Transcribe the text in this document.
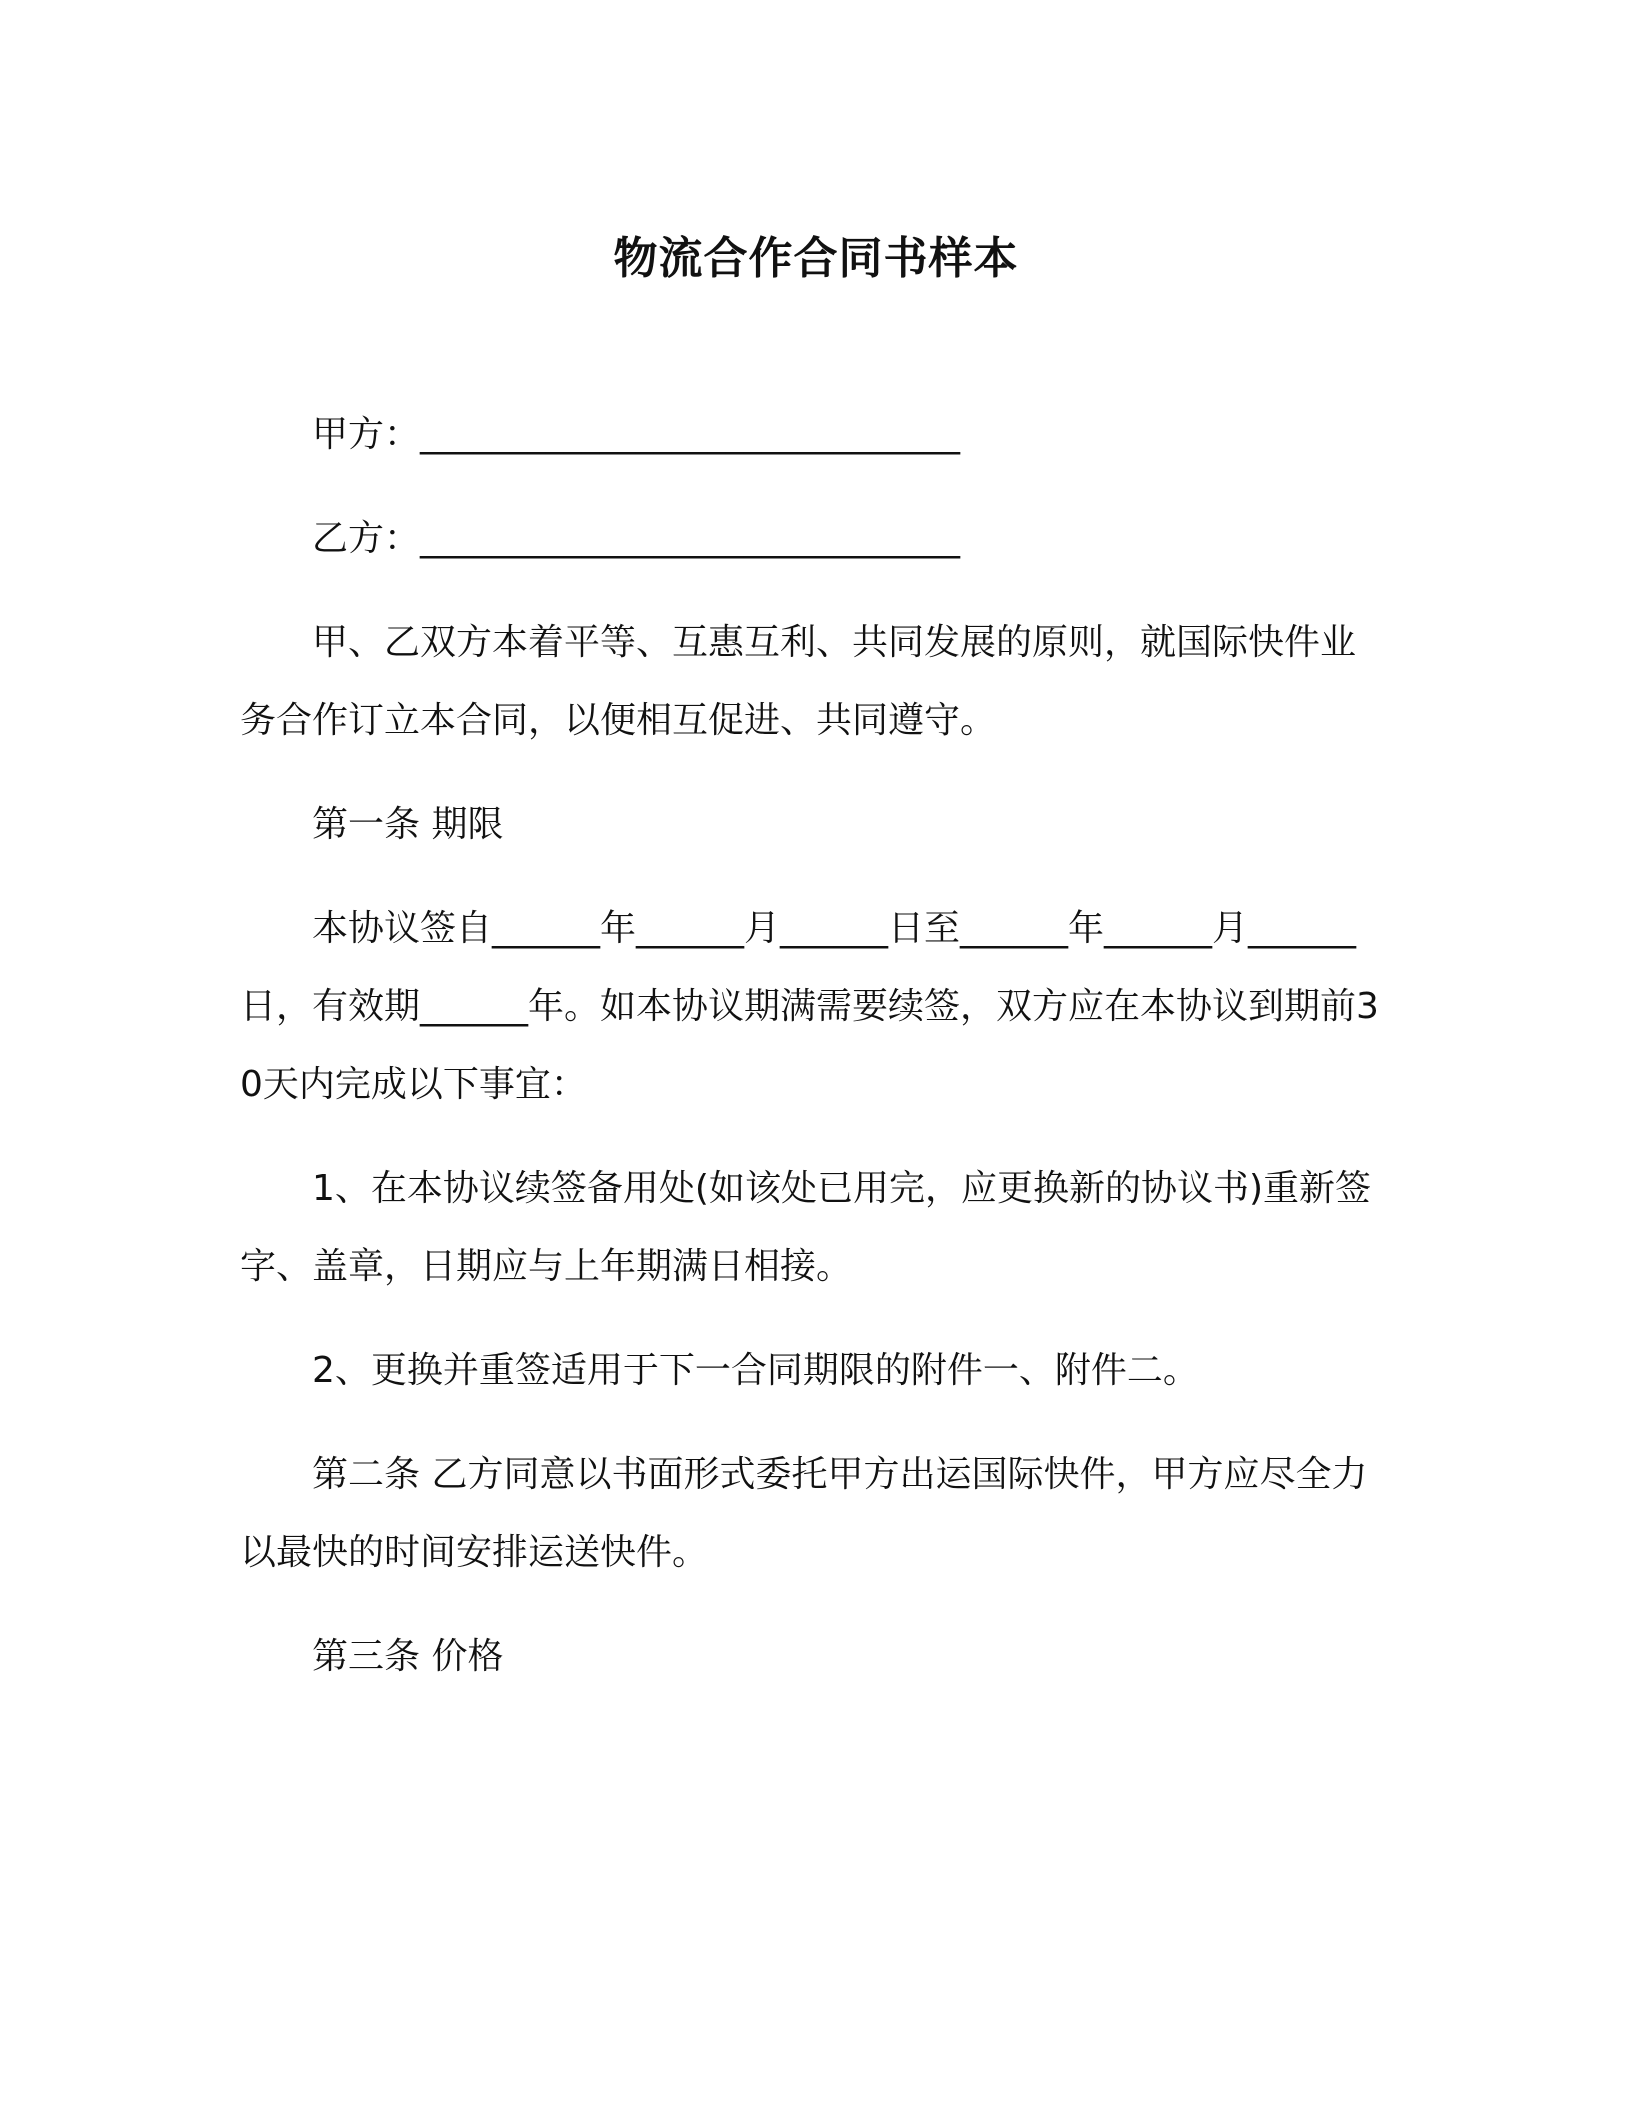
物流合作合同书样本

甲方：______________________________

乙方：______________________________

甲、乙双方本着平等、互惠互利、共同发展的原则，就国际快件业务合作订立本合同，以便相互促进、共同遵守。

第一条 期限

本协议签自______年______月______日至______年______月______日，有效期______年。如本协议期满需要续签，双方应在本协议到期前30天内完成以下事宜：

1、在本协议续签备用处(如该处已用完，应更换新的协议书)重新签字、盖章，日期应与上年期满日相接。

2、更换并重签适用于下一合同期限的附件一、附件二。

第二条 乙方同意以书面形式委托甲方出运国际快件，甲方应尽全力以最快的时间安排运送快件。

第三条 价格
